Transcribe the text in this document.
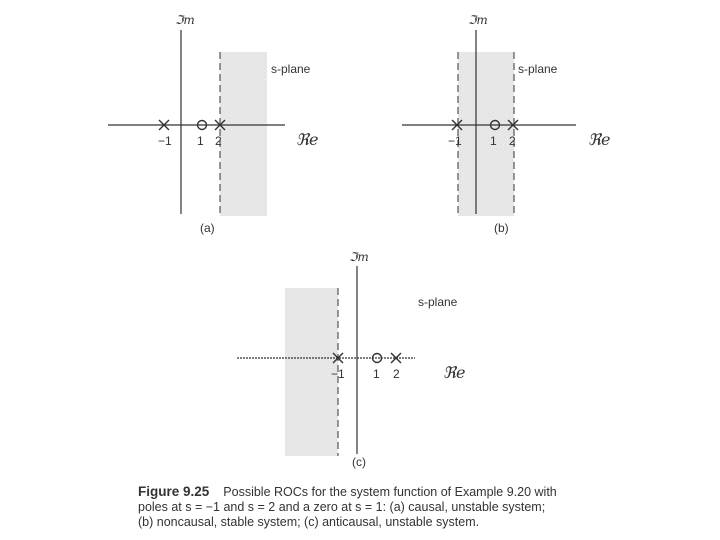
−1 1 2
ℑm
ℜe
s-plane
(a)
−1 1 2
ℑm
ℜe
s-plane
(b)
−1 1 2
ℑm
ℜe
s-plane
(c)
Figure 9.25 Possible ROCs for the system function of Example 9.20 with
poles at s = −1 and s = 2 and a zero at s = 1: (a) causal, unstable system;
(b) noncausal, stable system; (c) anticausal, unstable system.
